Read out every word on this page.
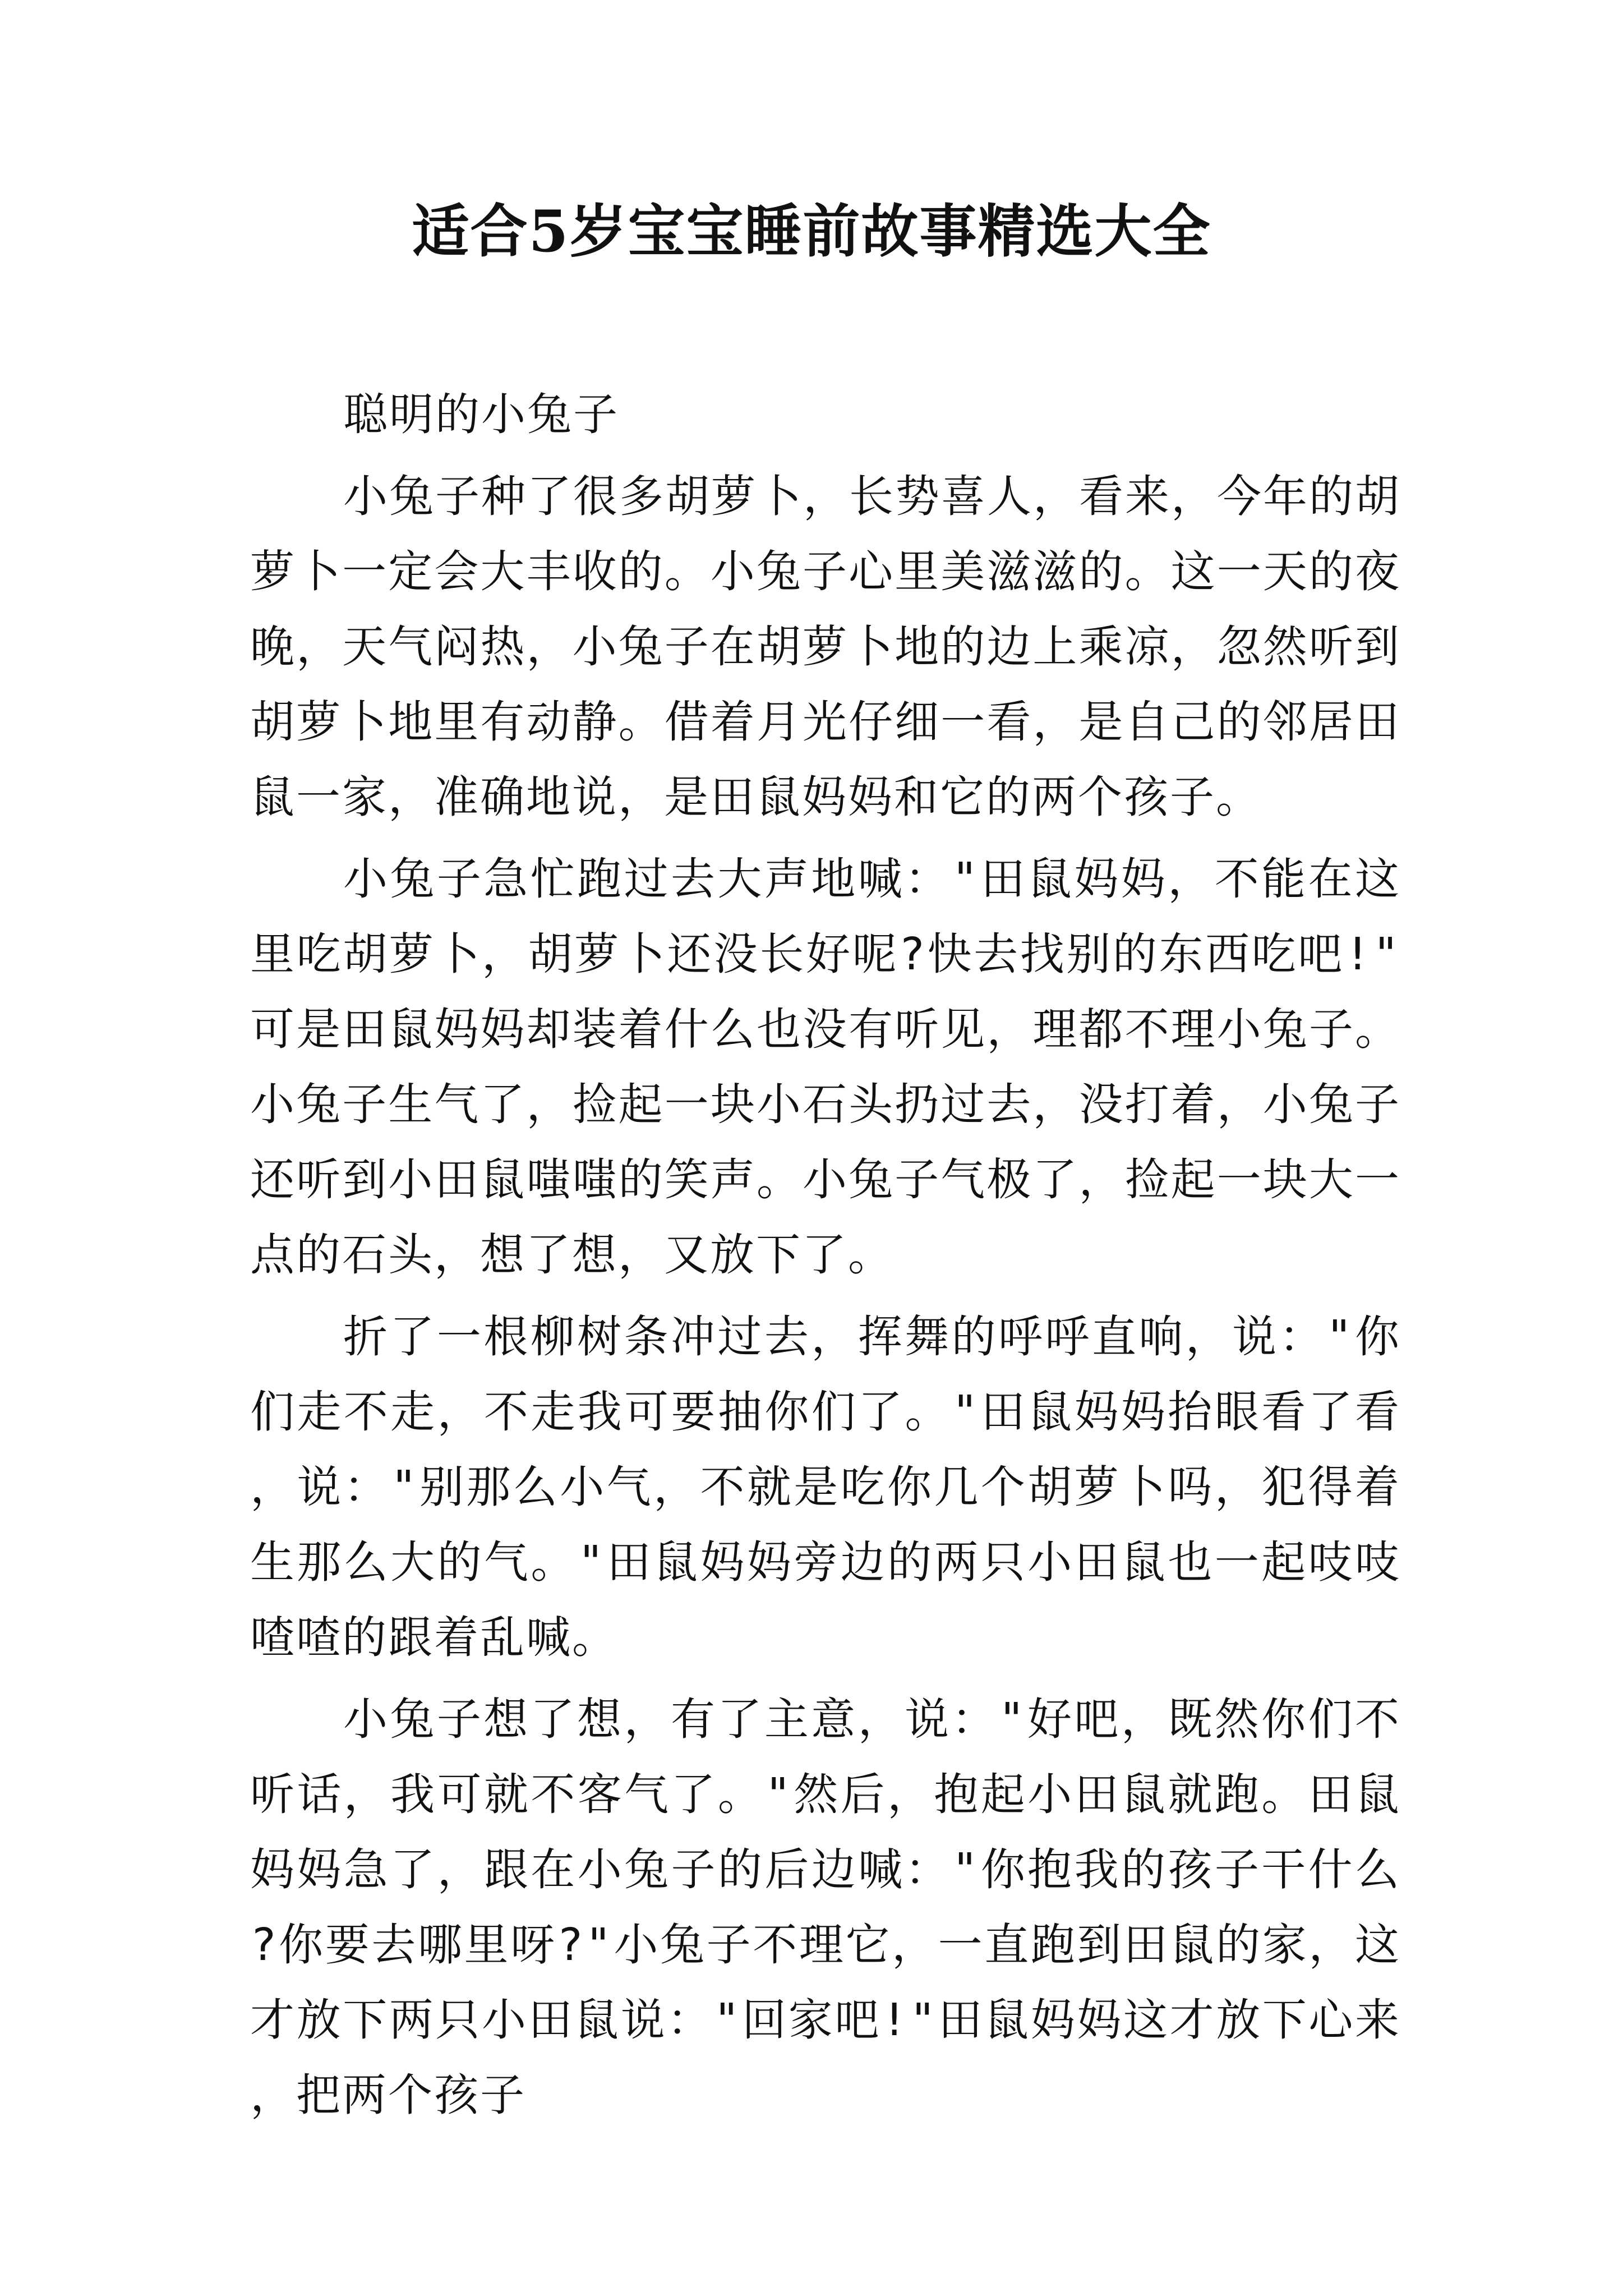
适合5岁宝宝睡前故事精选大全

聪明的小兔子

小兔子种了很多胡萝卜，长势喜人，看来，今年的胡萝卜一定会大丰收的。小兔子心里美滋滋的。这一天的夜晚，天气闷热，小兔子在胡萝卜地的边上乘凉，忽然听到胡萝卜地里有动静。借着月光仔细一看，是自己的邻居田鼠一家，准确地说，是田鼠妈妈和它的两个孩子。

小兔子急忙跑过去大声地喊："田鼠妈妈，不能在这里吃胡萝卜，胡萝卜还没长好呢?快去找别的东西吃吧!"可是田鼠妈妈却装着什么也没有听见，理都不理小兔子。小兔子生气了，捡起一块小石头扔过去，没打着，小兔子还听到小田鼠嗤嗤的笑声。小兔子气极了，捡起一块大一点的石头，想了想，又放下了。

折了一根柳树条冲过去，挥舞的呼呼直响，说："你们走不走，不走我可要抽你们了。"田鼠妈妈抬眼看了看，说："别那么小气，不就是吃你几个胡萝卜吗，犯得着生那么大的气。"田鼠妈妈旁边的两只小田鼠也一起吱吱喳喳的跟着乱喊。

小兔子想了想，有了主意，说："好吧，既然你们不听话，我可就不客气了。"然后，抱起小田鼠就跑。田鼠妈妈急了，跟在小兔子的后边喊："你抱我的孩子干什么?你要去哪里呀?"小兔子不理它，一直跑到田鼠的家，这才放下两只小田鼠说："回家吧!"田鼠妈妈这才放下心来，把两个孩子
